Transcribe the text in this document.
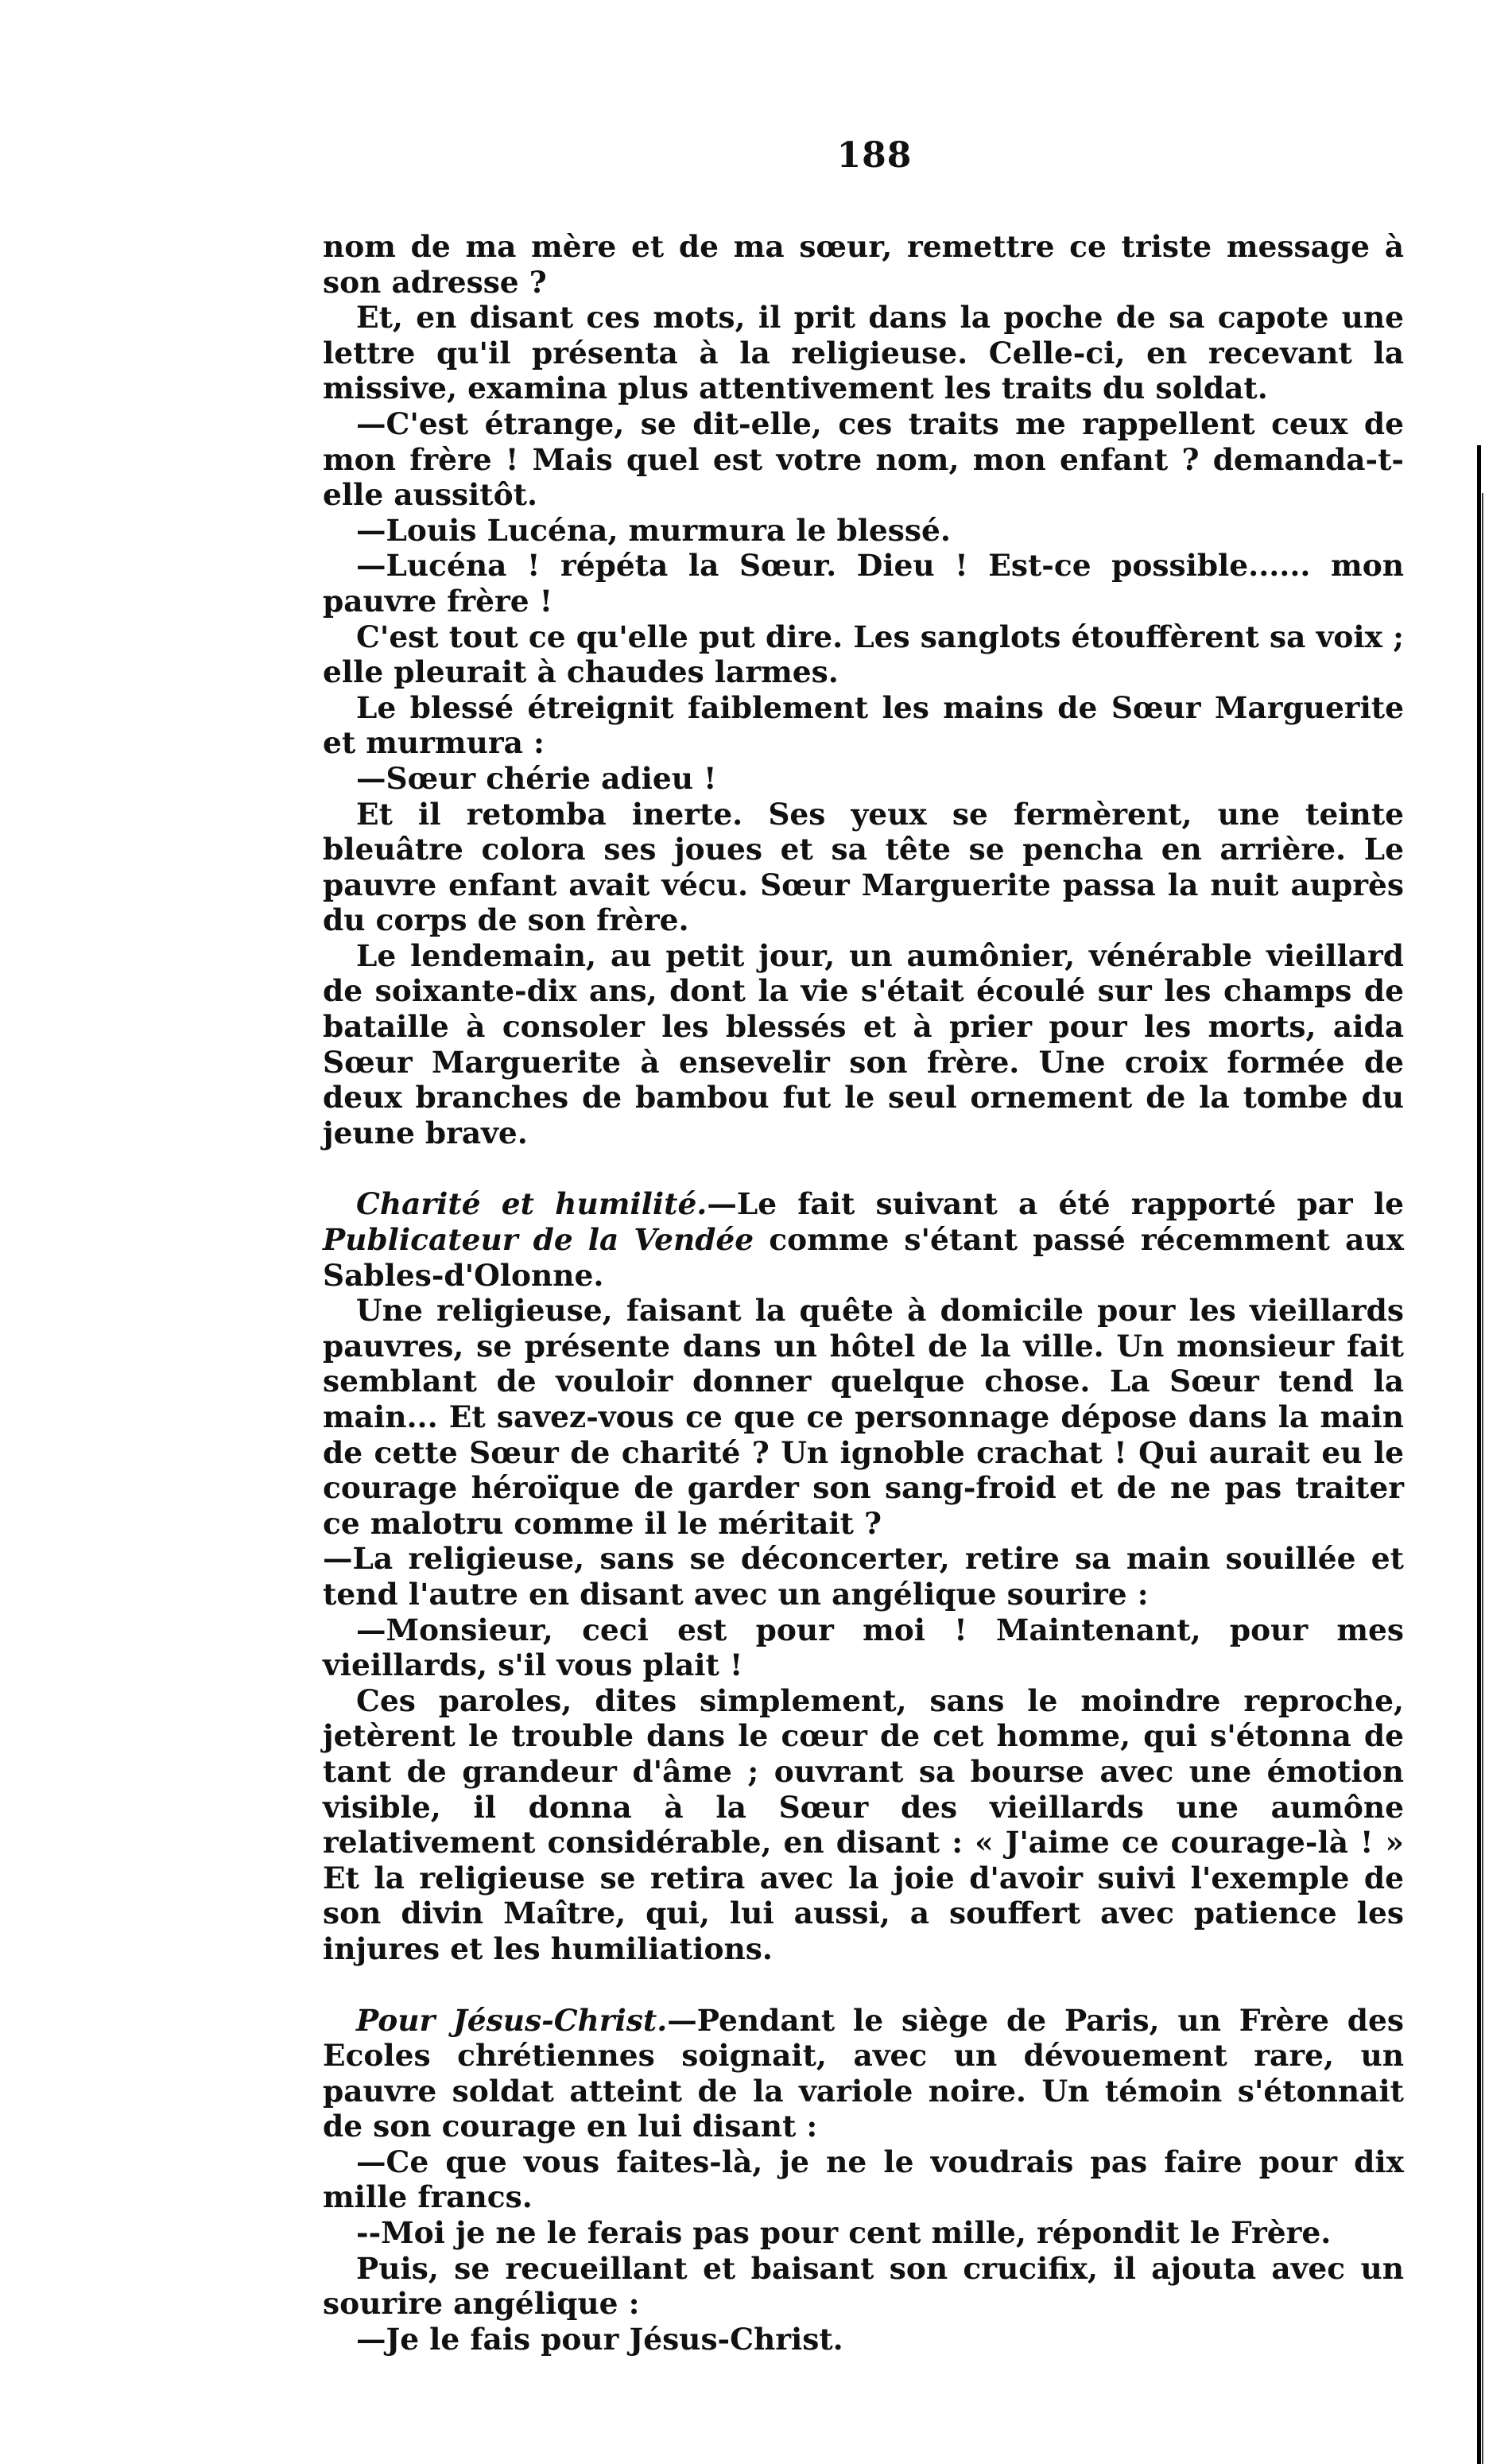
188

nom de ma mère et de ma sœur, remettre ce triste message à son adresse ?

Et, en disant ces mots, il prit dans la poche de sa capote une lettre qu'il présenta à la religieuse. Celle-ci, en recevant la missive, examina plus attentivement les traits du soldat.

—C'est étrange, se dit-elle, ces traits me rappellent ceux de mon frère ! Mais quel est votre nom, mon enfant ? demanda-t-elle aussitôt.

—Louis Lucéna, murmura le blessé.

—Lucéna ! répéta la Sœur. Dieu ! Est-ce possible...... mon pauvre frère !

C'est tout ce qu'elle put dire. Les sanglots étouffèrent sa voix ; elle pleurait à chaudes larmes.

Le blessé étreignit faiblement les mains de Sœur Marguerite et murmura :

—Sœur chérie adieu !

Et il retomba inerte. Ses yeux se fermèrent, une teinte bleuâtre colora ses joues et sa tête se pencha en arrière. Le pauvre enfant avait vécu. Sœur Marguerite passa la nuit auprès du corps de son frère.

Le lendemain, au petit jour, un aumônier, vénérable vieillard de soixante-dix ans, dont la vie s'était écoulé sur les champs de bataille à consoler les blessés et à prier pour les morts, aida Sœur Marguerite à ensevelir son frère. Une croix formée de deux branches de bambou fut le seul ornement de la tombe du jeune brave.

Charité et humilité.—Le fait suivant a été rapporté par le Publicateur de la Vendée comme s'étant passé récemment aux Sables-d'Olonne.

Une religieuse, faisant la quête à domicile pour les vieillards pauvres, se présente dans un hôtel de la ville. Un monsieur fait semblant de vouloir donner quelque chose. La Sœur tend la main... Et savez-vous ce que ce personnage dépose dans la main de cette Sœur de charité ? Un ignoble crachat ! Qui aurait eu le courage héroïque de garder son sang-froid et de ne pas traiter ce malotru comme il le méritait ?

—La religieuse, sans se déconcerter, retire sa main souillée et tend l'autre en disant avec un angélique sourire :

—Monsieur, ceci est pour moi ! Maintenant, pour mes vieillards, s'il vous plait !

Ces paroles, dites simplement, sans le moindre reproche, jetèrent le trouble dans le cœur de cet homme, qui s'étonna de tant de grandeur d'âme ; ouvrant sa bourse avec une émotion visible, il donna à la Sœur des vieillards une aumône relativement considérable, en disant : « J'aime ce courage-là ! » Et la religieuse se retira avec la joie d'avoir suivi l'exemple de son divin Maître, qui, lui aussi, a souffert avec patience les injures et les humiliations.

Pour Jésus-Christ.—Pendant le siège de Paris, un Frère des Ecoles chrétiennes soignait, avec un dévouement rare, un pauvre soldat atteint de la variole noire. Un témoin s'étonnait de son courage en lui disant :

—Ce que vous faites-là, je ne le voudrais pas faire pour dix mille francs.

--Moi je ne le ferais pas pour cent mille, répondit le Frère.

Puis, se recueillant et baisant son crucifix, il ajouta avec un sourire angélique :

—Je le fais pour Jésus-Christ.
